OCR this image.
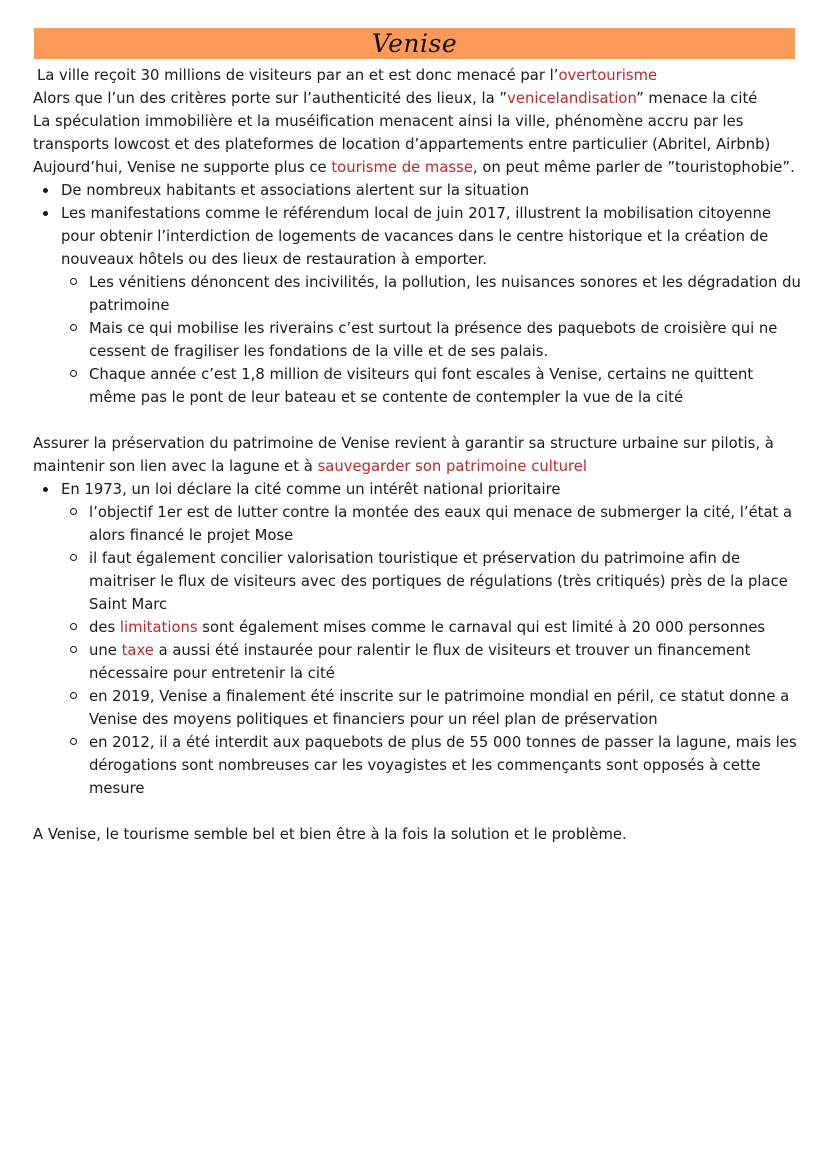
Venise

La ville reçoit 30 millions de visiteurs par an et est donc menacé par l’overtourisme

Alors que l’un des critères porte sur l’authenticité des lieux, la ”venicelandisation” menace la cité

La spéculation immobilière et la muséification menacent ainsi la ville, phénomène accru par les transports lowcost et des plateformes de location d’appartements entre particulier (Abritel, Airbnb)

Aujourd’hui, Venise ne supporte plus ce tourisme de masse, on peut même parler de ”touristophobie”.

De nombreux habitants et associations alertent sur la situation
Les manifestations comme le référendum local de juin 2017, illustrent la mobilisation citoyenne pour obtenir l’interdiction de logements de vacances dans le centre historique et la création de nouveaux hôtels ou des lieux de restauration à emporter.
Les vénitiens dénoncent des incivilités, la pollution, les nuisances sonores et les dégradation du patrimoine
Mais ce qui mobilise les riverains c’est surtout la présence des paquebots de croisière qui ne cessent de fragiliser les fondations de la ville et de ses palais.
Chaque année c’est 1,8 million de visiteurs qui font escales à Venise, certains ne quittent même pas le pont de leur bateau et se contente de contempler la vue de la cité

Assurer la préservation du patrimoine de Venise revient à garantir sa structure urbaine sur pilotis, à maintenir son lien avec la lagune et à sauvegarder son patrimoine culturel

En 1973, un loi déclare la cité comme un intérêt national prioritaire
l’objectif 1er est de lutter contre la montée des eaux qui menace de submerger la cité, l’état a alors financé le projet Mose
il faut également concilier valorisation touristique et préservation du patrimoine afin de maitriser le flux de visiteurs avec des portiques de régulations (très critiqués) près de la place Saint Marc
des limitations sont également mises comme le carnaval qui est limité à 20 000 personnes
une taxe a aussi été instaurée pour ralentir le flux de visiteurs et trouver un financement nécessaire pour entretenir la cité
en 2019, Venise a finalement été inscrite sur le patrimoine mondial en péril, ce statut donne a Venise des moyens politiques et financiers pour un réel plan de préservation
en 2012, il a été interdit aux paquebots de plus de 55 000 tonnes de passer la lagune, mais les dérogations sont nombreuses car les voyagistes et les commençants sont opposés à cette mesure

A Venise, le tourisme semble bel et bien être à la fois la solution et le problème.
